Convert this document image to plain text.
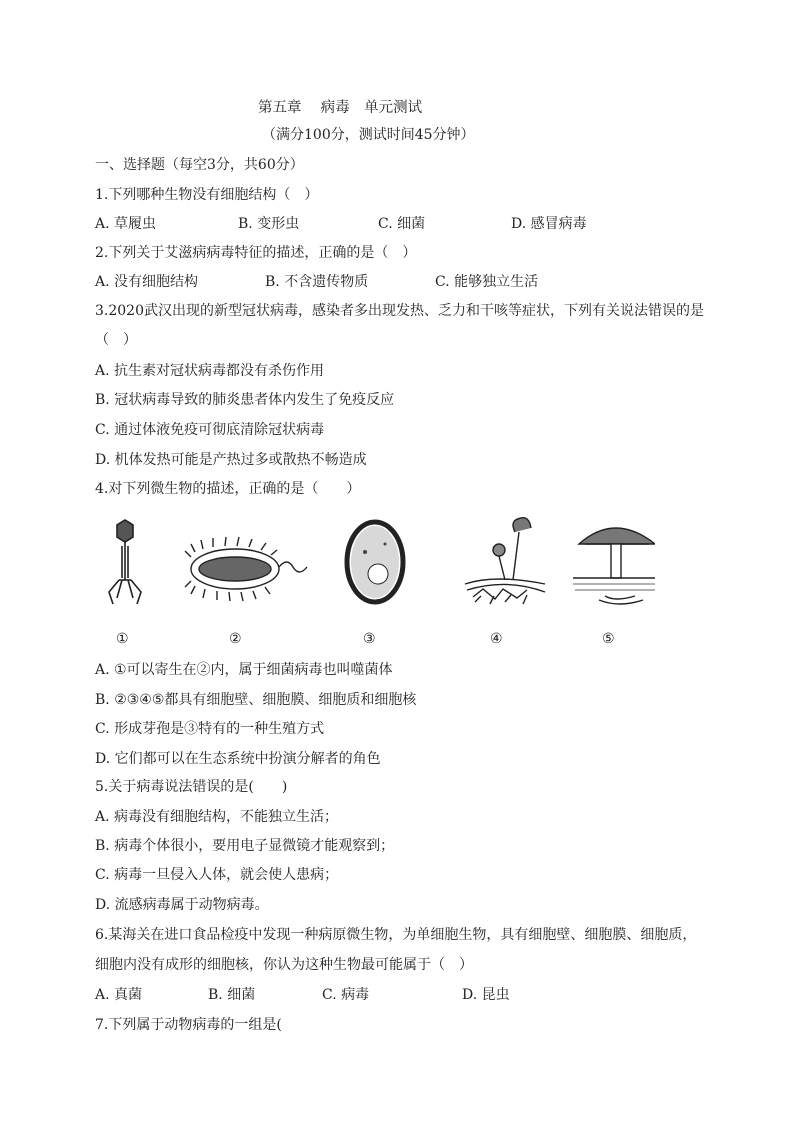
第五章　 病毒　单元测试
（满分100分，测试时间45分钟）
一、选择题（每空3分，共60分）
1.下列哪种生物没有细胞结构（　）
A. 草履虫	B. 变形虫	C. 细菌	D. 感冒病毒
2.下列关于艾滋病病毒特征的描述，正确的是（　）
A. 没有细胞结构	B. 不含遗传物质	C. 能够独立生活
3.2020武汉出现的新型冠状病毒，感染者多出现发热、乏力和干咳等症状，下列有关说法错误的是
（　）
A. 抗生素对冠状病毒都没有杀伤作用
B. 冠状病毒导致的肺炎患者体内发生了免疫反应
C. 通过体液免疫可彻底清除冠状病毒
D. 机体发热可能是产热过多或散热不畅造成
4.对下列微生物的描述，正确的是（　　）
①	②	③	④	⑤
A. ①可以寄生在②内，属于细菌病毒也叫噬菌体
B. ②③④⑤都具有细胞壁、细胞膜、细胞质和细胞核
C. 形成芽孢是③特有的一种生殖方式
D. 它们都可以在生态系统中扮演分解者的角色
5.关于病毒说法错误的是(　　)
A. 病毒没有细胞结构，不能独立生活；
B. 病毒个体很小，要用电子显微镜才能观察到；
C. 病毒一旦侵入人体，就会使人患病；
D. 流感病毒属于动物病毒。
6.某海关在进口食品检疫中发现一种病原微生物，为单细胞生物，具有细胞壁、细胞膜、细胞质，
细胞内没有成形的细胞核，你认为这种生物最可能属于（　）
A. 真菌	B. 细菌	C. 病毒	D. 昆虫
7.下列属于动物病毒的一组是(
